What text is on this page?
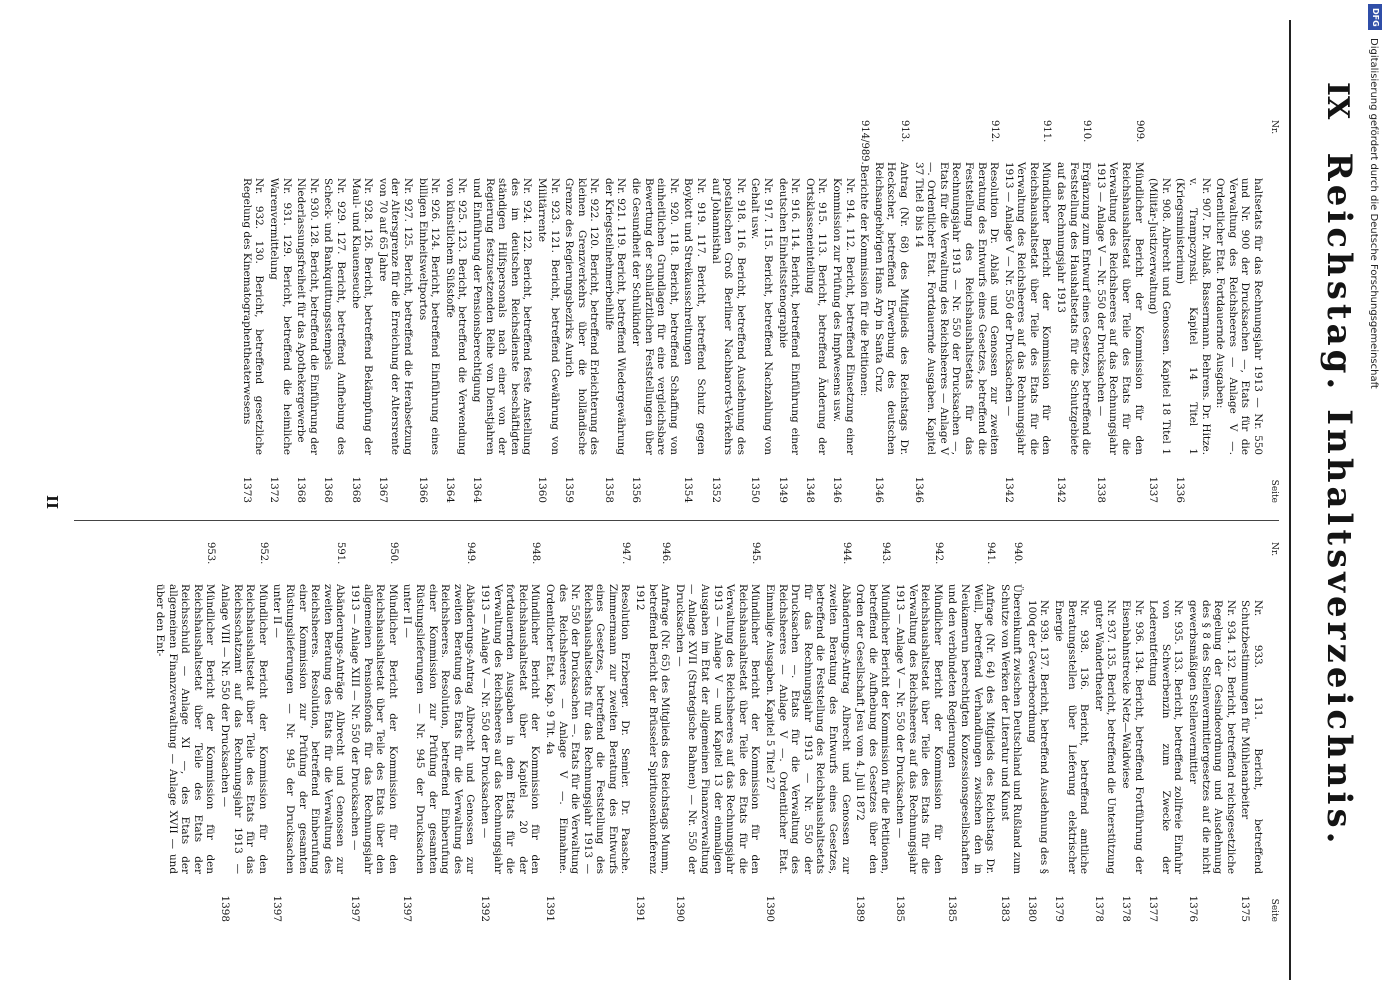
IX
Reichstag. Inhaltsverzeichnis.
Nr.
Seite
haltsetats für das Rechnungsjahr 1913 — Nr. 550 und Nr. 900 der Drucksachen —, Etats für die Verwaltung des Reichsheeres — Anlage V —. Ordentlicher Etat. Fortdauernde Ausgaben:
Nr. 907. Dr. Ablaß. Bassermann. Behrens. Dr. Hitze. v. Trampczynski. Kapitel 14 Titel 1 (Kriegsministerium)
1336
Nr. 908. Albrecht und Genossen. Kapitel 18 Titel 1 (Militär-Justizverwaltung)
1337
909.
Mündlicher Bericht der Kommission für den Reichshaushaltsetat über Teile des Etats für die Verwaltung des Reichsheeres auf das Rechnungsjahr 1913 — Anlage V — Nr. 550 der Drucksachen —
1338
910.
Ergänzung zum Entwurf eines Gesetzes, betreffend die Feststellung des Haushaltsetats für die Schutzgebiete auf das Rechnungsjahr 1913
1342
911.
Mündlicher Bericht der Kommission für den Reichshaushaltsetat über Teile des Etats für die Verwaltung des Reichsheeres auf das Rechnungsjahr 1913 — Anlage V — Nr. 550 der Drucksachen —
1342
912.
Resolution Dr. Ablaß und Genossen zur zweiten Beratung des Entwurfs eines Gesetzes, betreffend die Feststellung des Reichshaushaltsetats für das Rechnungsjahr 1913 — Nr. 550 der Drucksachen —, Etats für die Verwaltung des Reichsheeres — Anlage V —. Ordentlicher Etat. Fortdauernde Ausgaben. Kapitel 37 Titel 8 bis 14
1346
913.
Antrag (Nr. 68) des Mitglieds des Reichstags Dr. Heckscher, betreffend Erwerbung des deutschen Reichsangehörigen Hans Arp in Santa Cruz
1346
914/989.
Berichte der Kommission für die Petitionen:
Nr. 914. 112. Bericht, betreffend Einsetzung einer Kommission zur Prüfung des Impfwesens usw.
1346
Nr. 915. 113. Bericht, betreffend Änderung der Ortsklasseneinteilung
1348
Nr. 916. 114. Bericht, betreffend Einführung einer deutschen Einheitsstenographie
1349
Nr. 917. 115. Bericht, betreffend Nachzahlung von Gehalt usw.
1350
Nr. 918. 116. Bericht, betreffend Ausdehnung des postalischen Groß Berliner Nachbarorts-Verkehrs auf Johannisthal
1352
Nr. 919. 117. Bericht, betreffend Schutz gegen Boykott und Streikausschreitungen
1354
Nr. 920. 118. Bericht, betreffend Schaffung von einheitlichen Grundlagen für eine vergleichsbare Bewertung der schulärztlichen Feststellungen über die Gesundheit der Schulkinder
1356
Nr. 921. 119. Bericht, betreffend Wiedergewährung der Kriegsteilnehmerbeihilfe
1358
Nr. 922. 120. Bericht, betreffend Erleichterung des kleinen Grenzverkehrs über die holländische Grenze des Regierungsbezirks Aurich
1359
Nr. 923. 121. Bericht, betreffend Gewährung von Militärrente
1360
Nr. 924. 122. Bericht, betreffend feste Anstellung des im deutschen Reichsdienste beschäftigten ständigen Hilfspersonals nach einer von der Regierung festzusetzenden Reihe von Dienstjahren und Einführung der Pensionsberechtigung
1364
Nr. 925. 123. Bericht, betreffend die Verwendung von künstlichem Süßstoffe
1364
Nr. 926. 124. Bericht, betreffend Einführung eines billigen Einheitsweltportos
1366
Nr. 927. 125. Bericht, betreffend die Herabsetzung der Altersgrenze für die Erreichung der Altersrente von 70 auf 65 Jahre
1367
Nr. 928. 126. Bericht, betreffend Bekämpfung der Maul- und Klauenseuche
1368
Nr. 929. 127. Bericht, betreffend Aufhebung des Scheck- und Bankquittungsstempels
1368
Nr. 930. 128. Bericht, betreffend die Einführung der Niederlassungsfreiheit für das Apothekergewerbe
1368
Nr. 931. 129. Bericht, betreffend die heimliche Warenvermittelung
1372
Nr. 932. 130. Bericht, betreffend gesetzliche Regelung des Kinematographentheaterwesens
1373
Nr.
Seite
Nr. 933. 131. Bericht, betreffend Schutzbestimmungen für Mühlenarbeiter
1375
Nr. 934. 132. Bericht, betreffend reichsgesetzliche Regelung der Gesindeordnung und Ausdehnung des § 8 des Stellenvermittlergesetzes auf die nicht gewerbsmäßigen Stellenvermittler
1376
Nr. 935. 133. Bericht, betreffend zollfreie Einfuhr von Schwerbenzin zum Zwecke der Lederentfettung
1377
Nr. 936. 134. Bericht, betreffend Fortführung der Eisenbahnstrecke Netz—Waldwiese
1378
Nr. 937. 135. Bericht, betreffend die Unterstützung guter Wandertheater
1378
Nr. 938. 136. Bericht, betreffend amtliche Beratungsstellen über Lieferung elektrischer Energie
1379
Nr. 939. 137. Bericht, betreffend Ausdehnung des § 100q der Gewerbeordnung
1380
940.
Übereinkunft zwischen Deutschland und Rußland zum Schutze von Werken der Literatur und Kunst
1383
941.
Anfrage (Nr. 64) des Mitglieds des Reichstags Dr. Weill, betreffend Verhandlungen zwischen den in Neukamerun berechtigten Konzessionsgesellschaften und den verbündeten Regierungen
1385
942.
Mündlicher Bericht der Kommission für den Reichshaushaltsetat über Teile des Etats für die Verwaltung des Reichsheeres auf das Rechnungsjahr 1913 — Anlage V — Nr. 550 der Drucksachen —
1385
943.
Mündlicher Bericht der Kommission für die Petitionen, betreffend die Aufhebung des Gesetzes über den Orden der Gesellschaft Jesu vom 4. Juli 1872
1389
944.
Abänderungs-Antrag Albrecht und Genossen zur zweiten Beratung des Entwurfs eines Gesetzes, betreffend die Feststellung des Reichshaushaltsetats für das Rechnungsjahr 1913 — Nr. 550 der Drucksachen —. Etats für die Verwaltung des Reichsheeres — Anlage V —. Ordentlicher Etat. Einmalige Ausgaben. Kapitel 5 Titel 27
1390
945.
Mündlicher Bericht der Kommission für den Reichshaushaltsetat über Teile des Etats für die Verwaltung des Reichsheeres auf das Rechnungsjahr 1913 — Anlage V — und Kapitel 13 der einmaligen Ausgaben im Etat der allgemeinen Finanzverwaltung — Anlage XVII (Strategische Bahnen) — Nr. 550 der Drucksachen —
1390
946.
Anfrage (Nr. 65) des Mitglieds des Reichstags Mumm, betreffend Bericht der Brüsseler Spirituosenkonferenz 1912
1391
947.
Resolution Erzberger. Dr. Semler. Dr. Paasche. Zimmermann zur zweiten Beratung des Entwurfs eines Gesetzes, betreffend die Feststellung des Reichshaushaltsetats für das Rechnungsjahr 1913 — Nr. 550 der Drucksachen —. Etats für die Verwaltung des Reichsheeres — Anlage V —. Einnahme. Ordentlicher Etat. Kap. 9 Tit. 4a
1391
948.
Mündlicher Bericht der Kommission für den Reichshaushaltsetat über Kapitel 20 der fortdauernden Ausgaben in dem Etats für die Verwaltung des Reichsheeres auf das Rechnungsjahr 1913 — Anlage V — Nr. 550 der Drucksachen —
1392
949.
Abänderungs-Antrag Albrecht und Genossen zur zweiten Beratung des Etats für die Verwaltung des Reichsheeres. Resolution, betreffend Einberufung einer Kommission zur Prüfung der gesamten Rüstungslieferungen — Nr. 945 der Drucksachen unter II —
1397
950.
Mündlicher Bericht der Kommission für den Reichshaushaltsetat über Teile des Etats über den allgemeinen Pensionsfonds für das Rechnungsjahr 1913 — Anlage XIII — Nr. 550 der Drucksachen —
1397
591.
Abänderungs-Anträge Albrecht und Genossen zur zweiten Beratung des Etats für die Verwaltung des Reichsheeres. Resolution, betreffend Einberufung einer Kommission zur Prüfung der gesamten Rüstungslieferungen — Nr. 945 der Drucksachen unter II —
1397
952.
Mündlicher Bericht der Kommission für den Reichshaushaltsetat über Teile des Etats für das Reichsschatzamt auf das Rechnungsjahr 1913 — Anlage VIII — Nr. 550 der Drucksachen —
1398
953.
Mündlicher Bericht der Kommission für den Reichshaushaltsetat über Teile des Etats der Reichsschuld — Anlage XI —, des Etats der allgemeinen Finanzverwaltung — Anlage XVII — und über den Ent-
II
DFG
Digitalisierung gefördert durch die Deutsche Forschungsgemeinschaft
